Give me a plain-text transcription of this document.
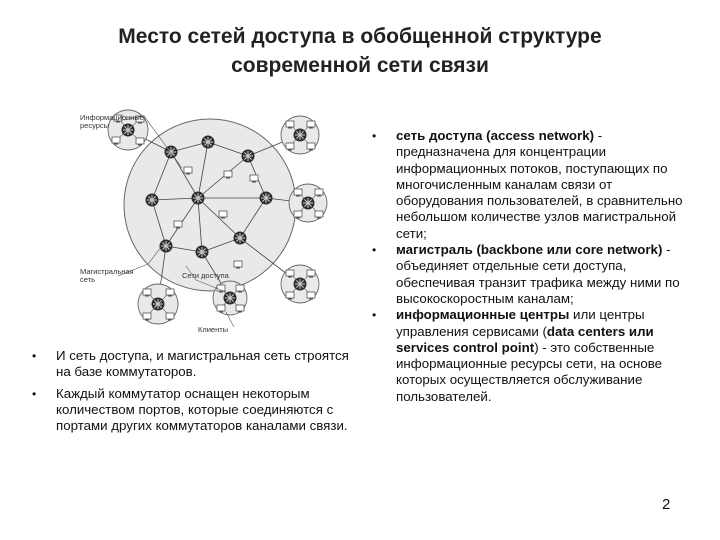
Место сетей доступа в обобщенной структуре
современной сети связи
Информационные
ресурсы
Магистральная
сеть	Сети доступа
Клиенты
• И сеть доступа, и магистральная сеть строятся на базе коммутаторов.
• Каждый коммутатор оснащен некоторым количеством портов, которые соединяются с портами других коммутаторов каналами связи.
• сеть доступа (access network) - предназначена для концентрации информационных потоков, поступающих по многочисленным каналам связи от оборудования пользователей, в сравнительно небольшом количестве узлов магистральной сети;
• магистраль (backbone или core network) - объединяет отдельные сети доступа, обеспечивая транзит трафика между ними по высокоскоростным каналам;
• информационные центры или центры управления сервисами (data centers или services control point) - это собственные информационные ресурсы сети, на основе которых осуществляется обслуживание пользователей.
2
